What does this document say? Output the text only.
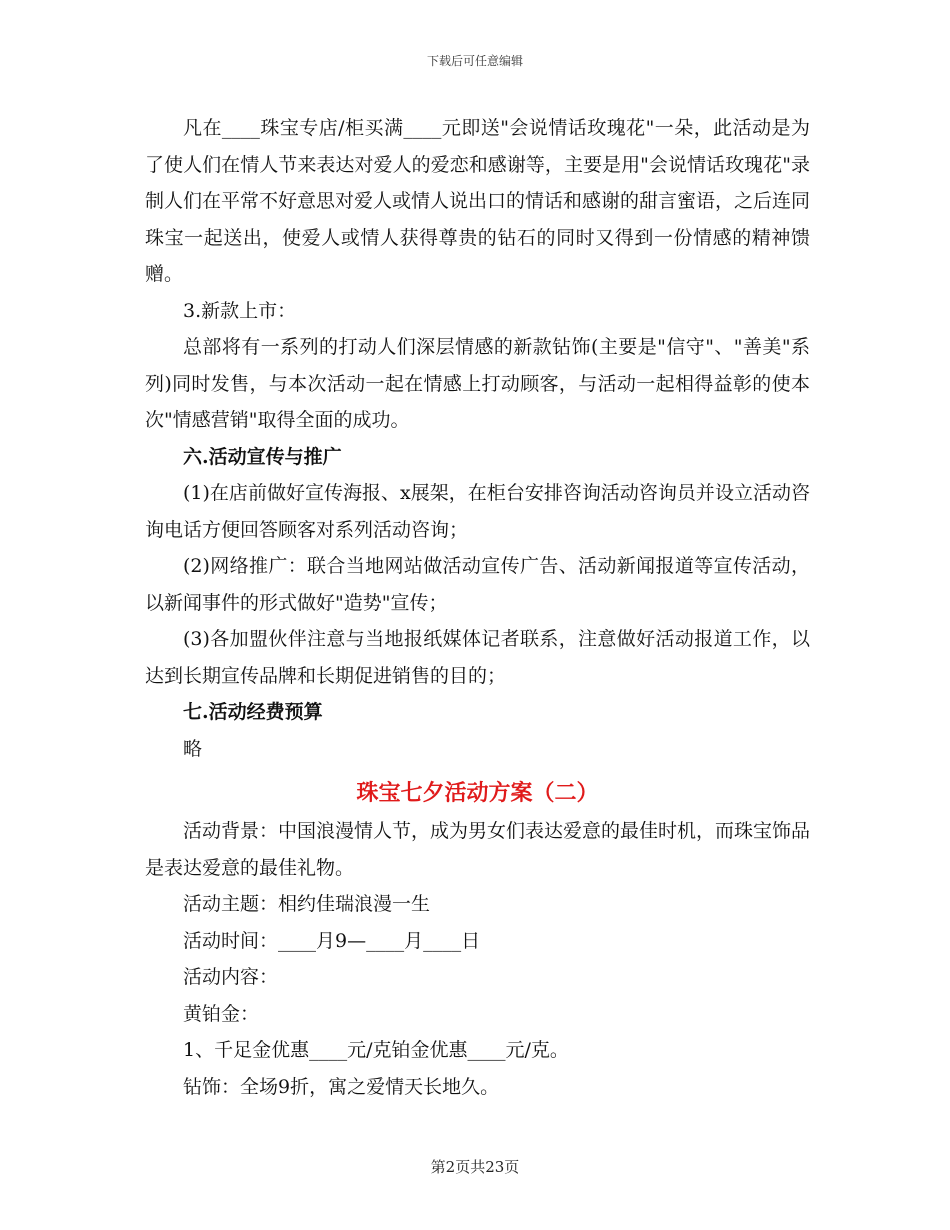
下载后可任意编辑

凡在____珠宝专店/柜买满____元即送"会说情话玫瑰花"一朵，此活动是为了使人们在情人节来表达对爱人的爱恋和感谢等，主要是用"会说情话玫瑰花"录制人们在平常不好意思对爱人或情人说出口的情话和感谢的甜言蜜语，之后连同珠宝一起送出，使爱人或情人获得尊贵的钻石的同时又得到一份情感的精神馈赠。

3.新款上市：

总部将有一系列的打动人们深层情感的新款钻饰(主要是"信守"、"善美"系列)同时发售，与本次活动一起在情感上打动顾客，与活动一起相得益彰的使本次"情感营销"取得全面的成功。

六.活动宣传与推广

(1)在店前做好宣传海报、x展架，在柜台安排咨询活动咨询员并设立活动咨询电话方便回答顾客对系列活动咨询；

(2)网络推广：联合当地网站做活动宣传广告、活动新闻报道等宣传活动，以新闻事件的形式做好"造势"宣传；

(3)各加盟伙伴注意与当地报纸媒体记者联系，注意做好活动报道工作，以达到长期宣传品牌和长期促进销售的目的；

七.活动经费预算

略

珠宝七夕活动方案（二）

活动背景：中国浪漫情人节，成为男女们表达爱意的最佳时机，而珠宝饰品是表达爱意的最佳礼物。

活动主题：相约佳瑞浪漫一生

活动时间：____月9—____月____日

活动内容：

黄铂金：

1、千足金优惠____元/克铂金优惠____元/克。

钻饰：全场9折，寓之爱情天长地久。

第2页共23页
